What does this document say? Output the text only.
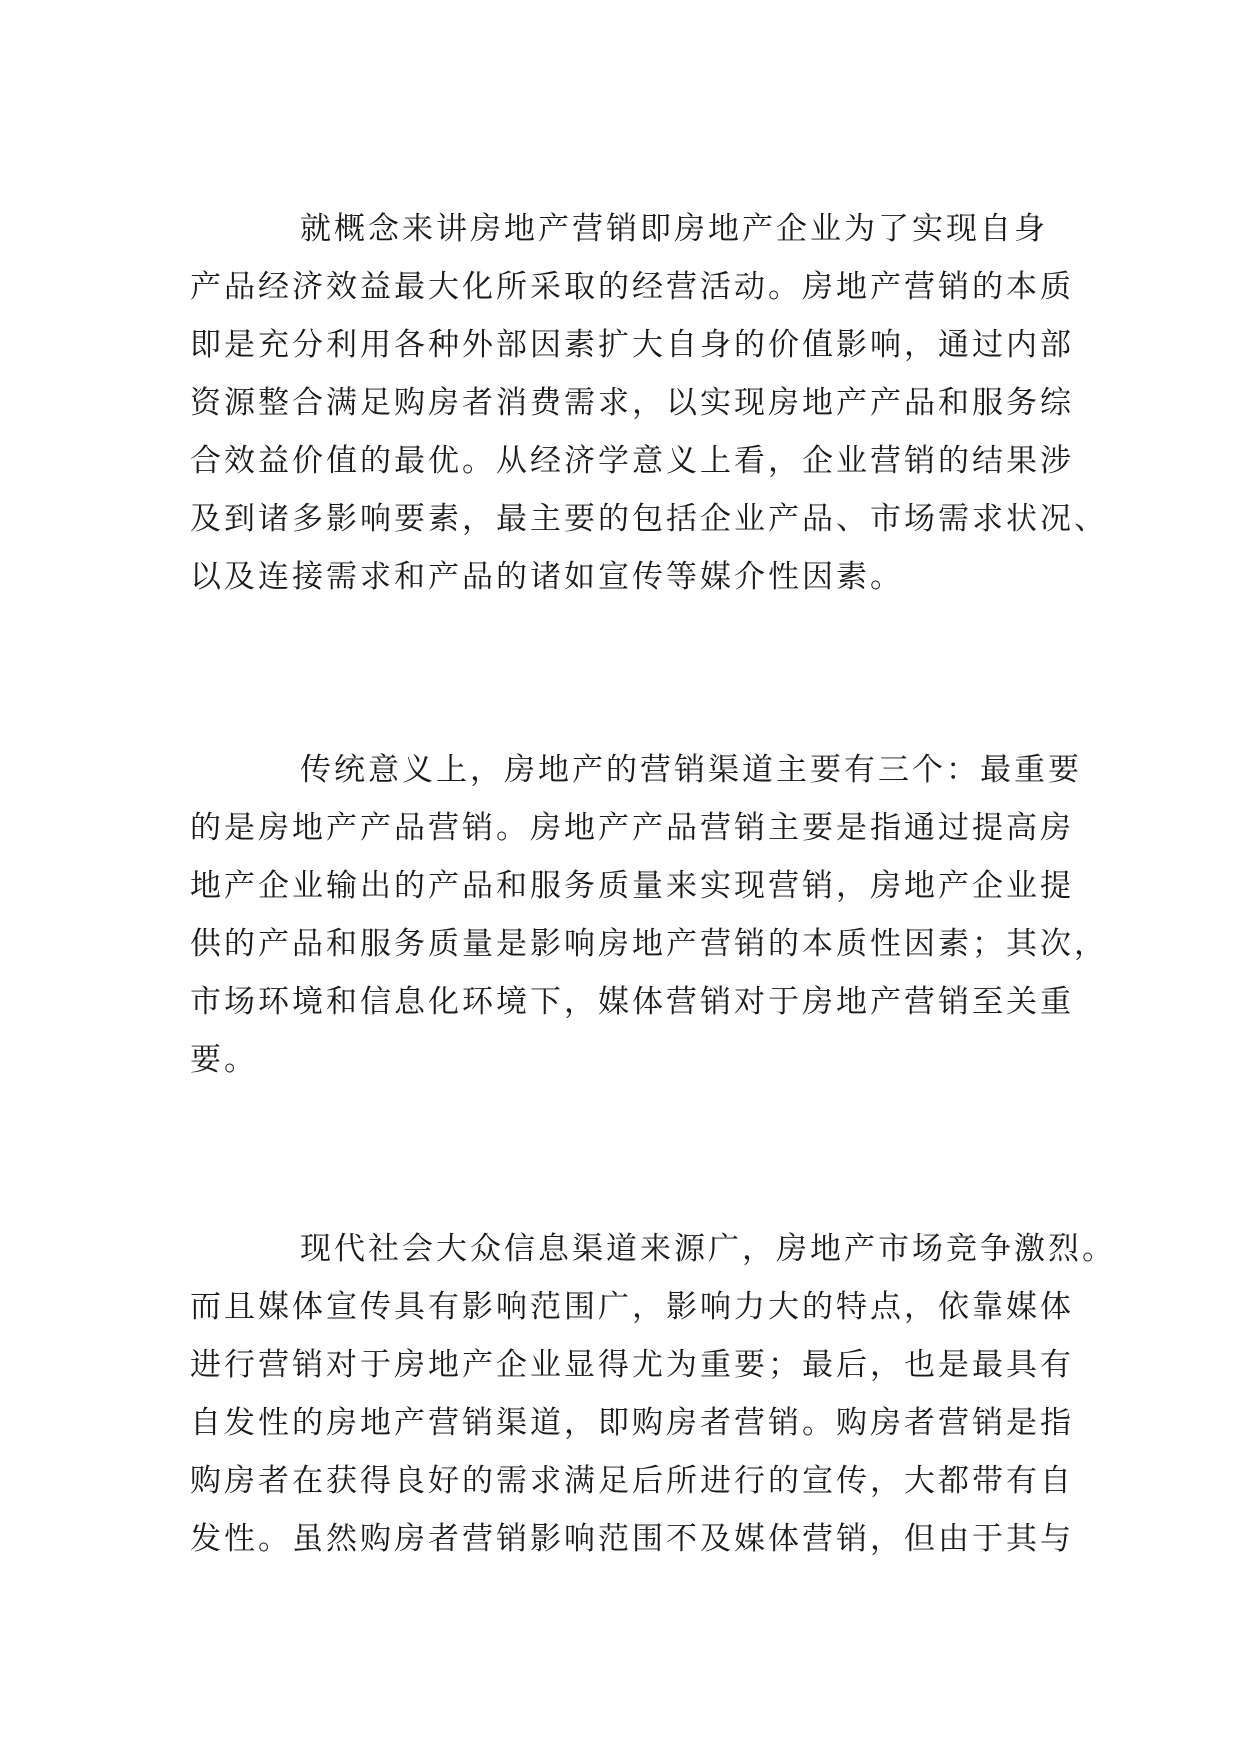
就概念来讲房地产营销即房地产企业为了实现自身
产品经济效益最大化所采取的经营活动。房地产营销的本质
即是充分利用各种外部因素扩大自身的价值影响，通过内部
资源整合满足购房者消费需求，以实现房地产产品和服务综
合效益价值的最优。从经济学意义上看，企业营销的结果涉
及到诸多影响要素，最主要的包括企业产品、市场需求状况、
以及连接需求和产品的诸如宣传等媒介性因素。
传统意义上，房地产的营销渠道主要有三个：最重要
的是房地产产品营销。房地产产品营销主要是指通过提高房
地产企业输出的产品和服务质量来实现营销，房地产企业提
供的产品和服务质量是影响房地产营销的本质性因素；其次，
市场环境和信息化环境下，媒体营销对于房地产营销至关重
要。
现代社会大众信息渠道来源广，房地产市场竞争激烈。
而且媒体宣传具有影响范围广，影响力大的特点，依靠媒体
进行营销对于房地产企业显得尤为重要；最后，也是最具有
自发性的房地产营销渠道，即购房者营销。购房者营销是指
购房者在获得良好的需求满足后所进行的宣传，大都带有自
发性。虽然购房者营销影响范围不及媒体营销，但由于其与
